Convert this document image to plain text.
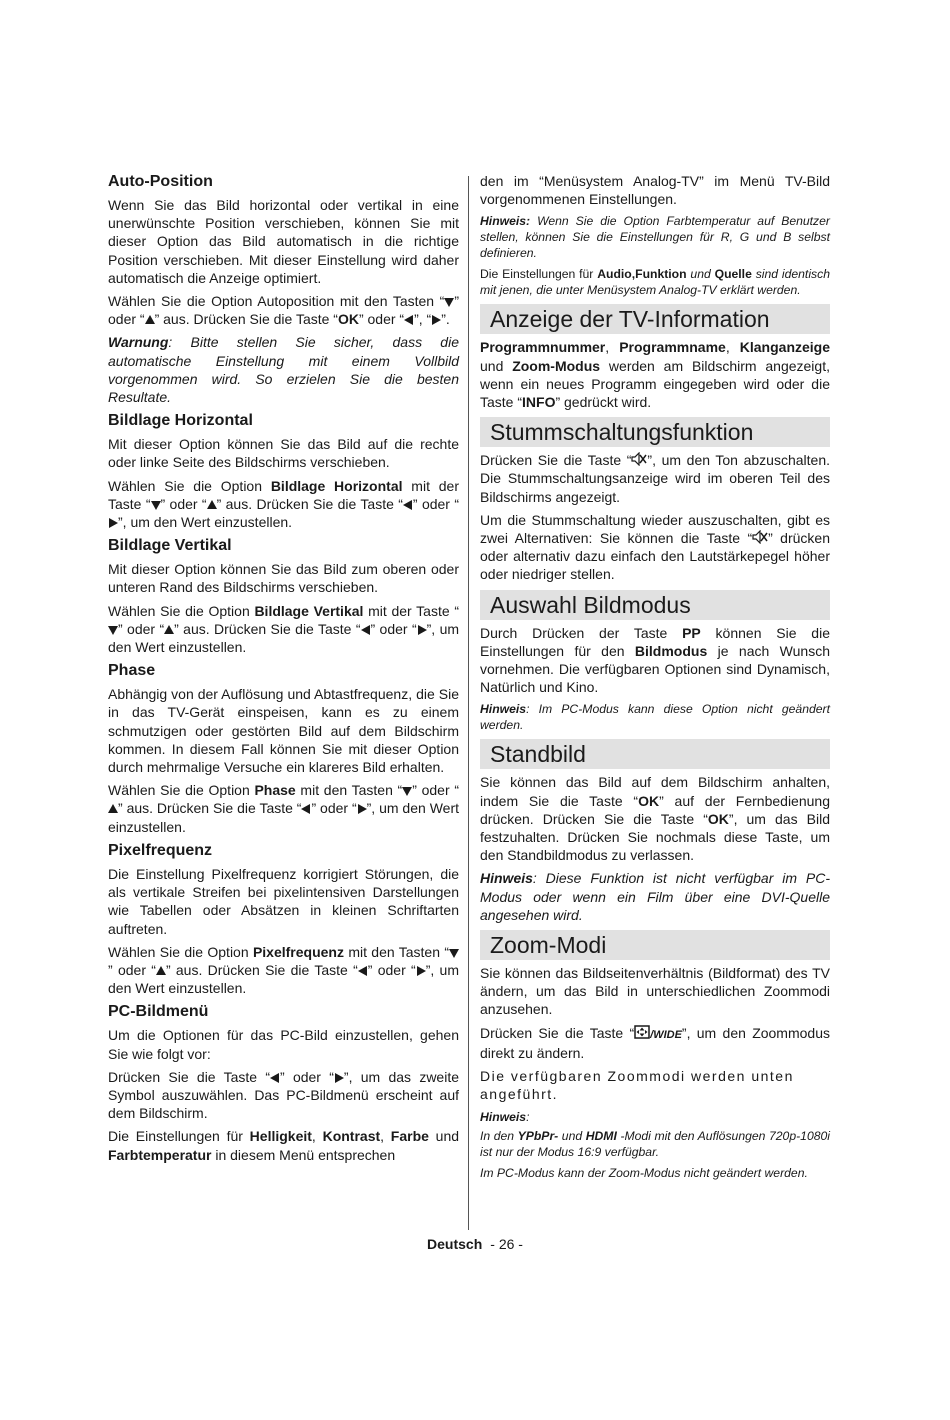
Auto-Position

Wenn Sie das Bild horizontal oder vertikal in eine unerwünschte Position verschieben, können Sie mit dieser Option das Bild automatisch in die richtige Position verschieben. Mit dieser Einstellung wird daher automatisch die Anzeige optimiert.

Wählen Sie die Option Autoposition mit den Tasten “ ” oder “ ” aus. Drücken Sie die Taste “OK” oder “ ”, “ ”.

Warnung: Bitte stellen Sie sicher, dass die automatische Einstellung mit einem Vollbild vorgenommen wird. So erzielen Sie die besten Resultate.

Bildlage Horizontal

Mit dieser Option können Sie das Bild auf die rechte oder linke Seite des Bildschirms verschieben.

Wählen Sie die Option Bildlage Horizontal mit der Taste “ ” oder “ ” aus. Drücken Sie die Taste “ ” oder “”, um den Wert einzustellen.

Bildlage Vertikal

Mit dieser Option können Sie das Bild zum oberen oder unteren Rand des Bildschirms verschieben.

Wählen Sie die Option Bildlage Vertikal mit der Taste “” oder “ ” aus. Drücken Sie die Taste “ ” oder “ ”, um den Wert einzustellen.

Phase

Abhängig von der Auflösung und Abtastfrequenz, die Sie in das TV-Gerät einspeisen, kann es zu einem schmutzigen oder gestörten Bild auf dem Bildschirm kommen. In diesem Fall können Sie mit dieser Option durch mehrmalige Versuche ein klareres Bild erhalten.

Wählen Sie die Option Phase mit den Tasten “ ” oder “” aus. Drücken Sie die Taste “ ” oder “ ”, um den Wert einzustellen.

Pixelfrequenz

Die Einstellung Pixelfrequenz korrigiert Störungen, die als vertikale Streifen bei pixelintensiven Darstellungen wie Tabellen oder Absätzen in kleinen Schriftarten auftreten.

Wählen Sie die Option Pixelfrequenz mit den Tasten “” oder “ ” aus. Drücken Sie die Taste “ ” oder “ ”, um den Wert einzustellen.

PC-Bildmenü

Um die Optionen für das PC-Bild einzustellen, gehen Sie wie folgt vor:

Drücken Sie die Taste “ ” oder “ ”, um das zweite Symbol auszuwählen. Das PC-Bildmenü erscheint auf dem Bildschirm.

Die Einstellungen für Helligkeit, Kontrast, Farbe und Farbtemperatur in diesem Menü entsprechen

den im “Menüsystem Analog-TV” im Menü TV-Bild vorgenommenen Einstellungen.

Hinweis: Wenn Sie die Option Farbtemperatur auf Benutzer stellen, können Sie die Einstellungen für R, G und B selbst definieren.

Die Einstellungen für Audio,Funktion und Quelle sind identisch mit jenen, die unter Menüsystem Analog-TV erklärt werden.

Anzeige der TV-Information

Programmnummer, Programmname, Klanganzeige und Zoom-Modus werden am Bildschirm angezeigt, wenn ein neues Programm eingegeben wird oder die Taste “INFO” gedrückt wird.

Stummschaltungsfunktion

Drücken Sie die Taste “ ”, um den Ton abzuschalten. Die Stummschaltungsanzeige wird im oberen Teil des Bildschirms angezeigt.

Um die Stummschaltung wieder auszuschalten, gibt es zwei Alternativen: Sie können die Taste “ ” drücken oder alternativ dazu einfach den Lautstärkepegel höher oder niedriger stellen.

Auswahl Bildmodus

Durch Drücken der Taste PP können Sie die Einstellungen für den Bildmodus je nach Wunsch vornehmen. Die verfügbaren Optionen sind Dynamisch, Natürlich und Kino.

Hinweis: Im PC-Modus kann diese Option nicht geändert werden.

Standbild

Sie können das Bild auf dem Bildschirm anhalten, indem Sie die Taste “OK” auf der Fernbedienung drücken. Drücken Sie die Taste “OK”, um das Bild festzuhalten. Drücken Sie nochmals diese Taste, um den Standbildmodus zu verlassen.

Hinweis: Diese Funktion ist nicht verfügbar im PC-Modus oder wenn ein Film über eine DVI-Quelle angesehen wird.

Zoom-Modi

Sie können das Bildseitenverhältnis (Bildformat) des TV ändern, um das Bild in unterschiedlichen Zoommodi anzusehen.

Drücken Sie die Taste “ /WIDE”, um den Zoommodus direkt zu ändern.

Die verfügbaren Zoommodi werden unten angeführt.

Hinweis:

In den YPbPr- und HDMI -Modi mit den Auflösungen 720p-1080i ist nur der Modus 16:9 verfügbar.

Im PC-Modus kann der Zoom-Modus nicht geändert werden.

Deutsch - 26 -
